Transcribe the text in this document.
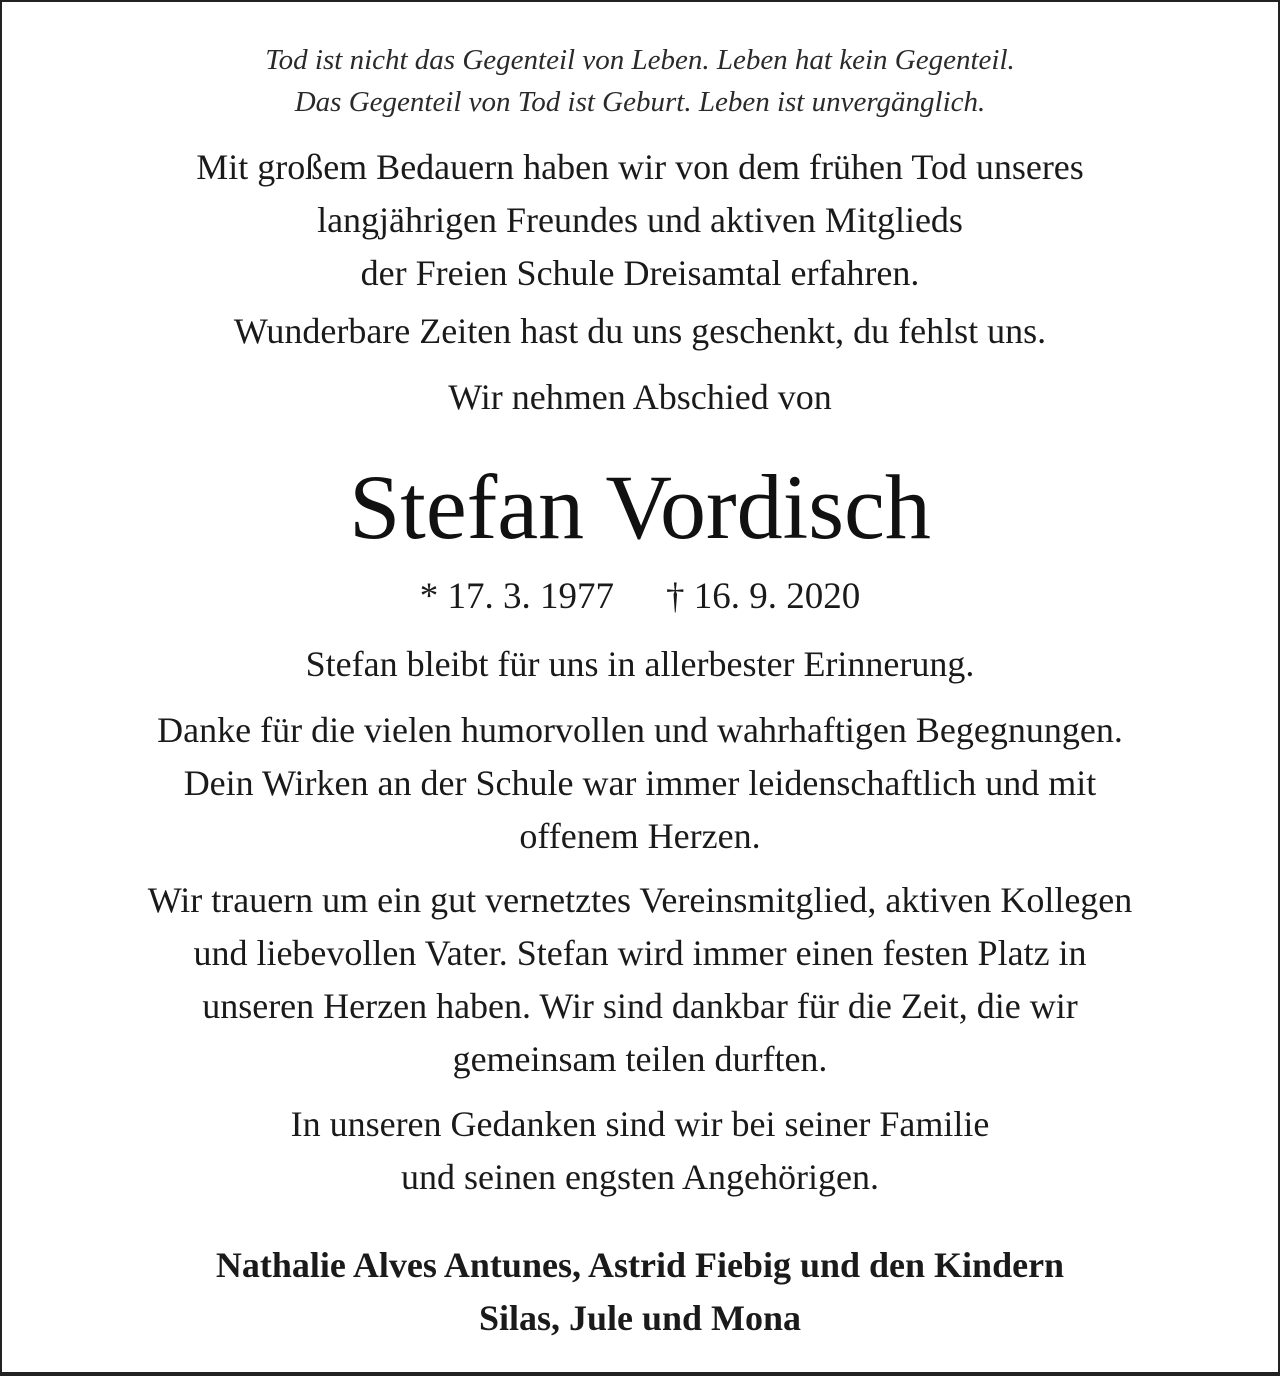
Tod ist nicht das Gegenteil von Leben. Leben hat kein Gegenteil.
Das Gegenteil von Tod ist Geburt. Leben ist unvergänglich.

Mit großem Bedauern haben wir von dem frühen Tod unseres
langjährigen Freundes und aktiven Mitglieds
der Freien Schule Dreisamtal erfahren.

Wunderbare Zeiten hast du uns geschenkt, du fehlst uns.

Wir nehmen Abschied von

Stefan Vordisch

* 17. 3. 1977 † 16. 9. 2020

Stefan bleibt für uns in allerbester Erinnerung.

Danke für die vielen humorvollen und wahrhaftigen Begegnungen.
Dein Wirken an der Schule war immer leidenschaftlich und mit
offenem Herzen.

Wir trauern um ein gut vernetztes Vereinsmitglied, aktiven Kollegen
und liebevollen Vater. Stefan wird immer einen festen Platz in
unseren Herzen haben. Wir sind dankbar für die Zeit, die wir
gemeinsam teilen durften.

In unseren Gedanken sind wir bei seiner Familie
und seinen engsten Angehörigen.

Nathalie Alves Antunes, Astrid Fiebig und den Kindern
Silas, Jule und Mona
